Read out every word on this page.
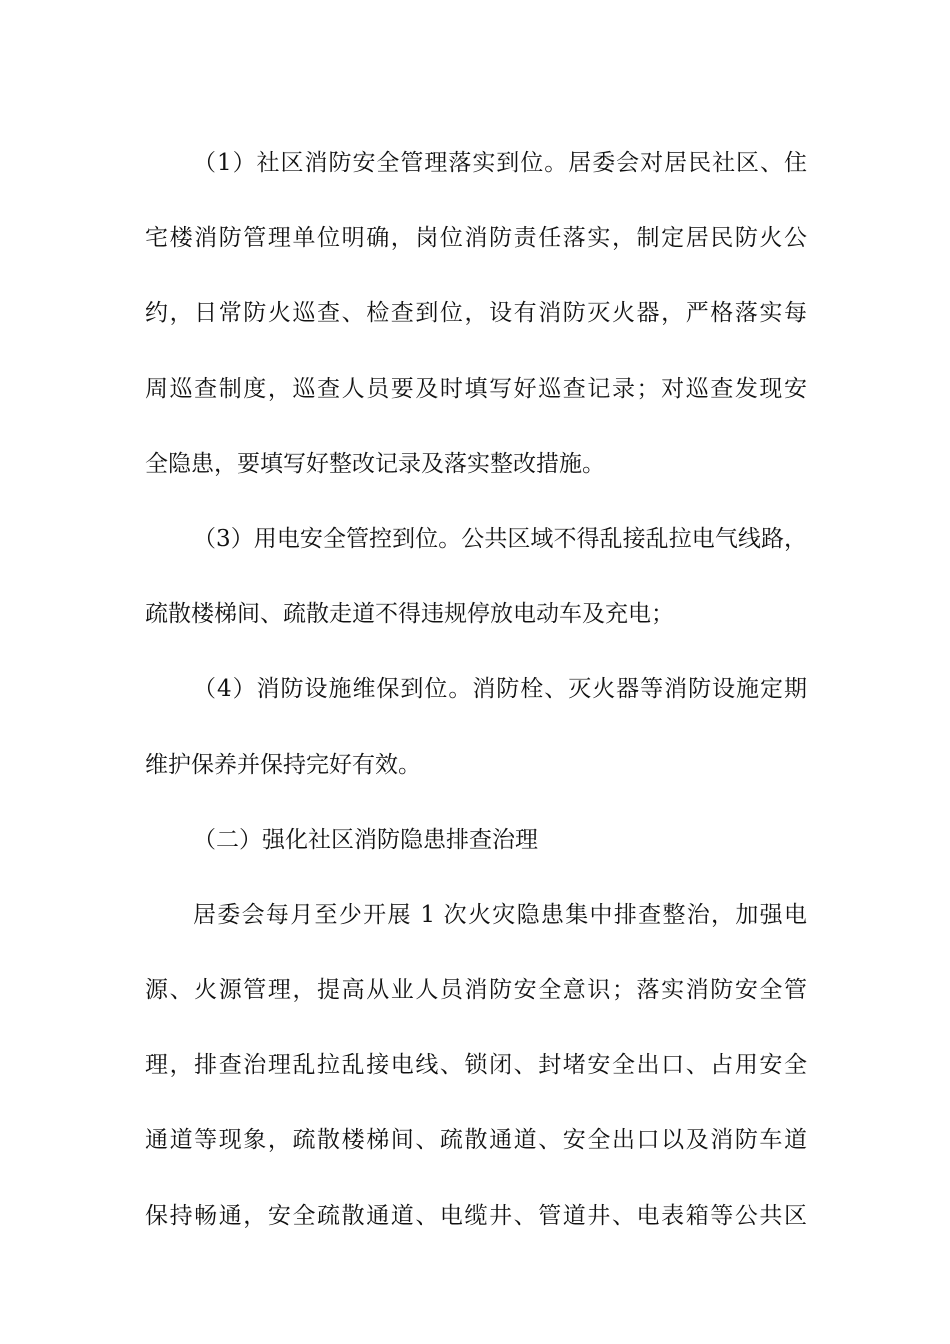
（1）社区消防安全管理落实到位。居委会对居民社区、住
宅楼消防管理单位明确，岗位消防责任落实，制定居民防火公
约，日常防火巡查、检查到位，设有消防灭火器，严格落实每
周巡查制度，巡查人员要及时填写好巡查记录；对巡查发现安
全隐患，要填写好整改记录及落实整改措施。
（3）用电安全管控到位。公共区域不得乱接乱拉电气线路，
疏散楼梯间、疏散走道不得违规停放电动车及充电；
（4）消防设施维保到位。消防栓、灭火器等消防设施定期
维护保养并保持完好有效。
（二）强化社区消防隐患排查治理
居委会每月至少开展 1 次火灾隐患集中排查整治，加强电
源、火源管理，提高从业人员消防安全意识；落实消防安全管
理，排查治理乱拉乱接电线、锁闭、封堵安全出口、占用安全
通道等现象，疏散楼梯间、疏散通道、安全出口以及消防车道
保持畅通，安全疏散通道、电缆井、管道井、电表箱等公共区
